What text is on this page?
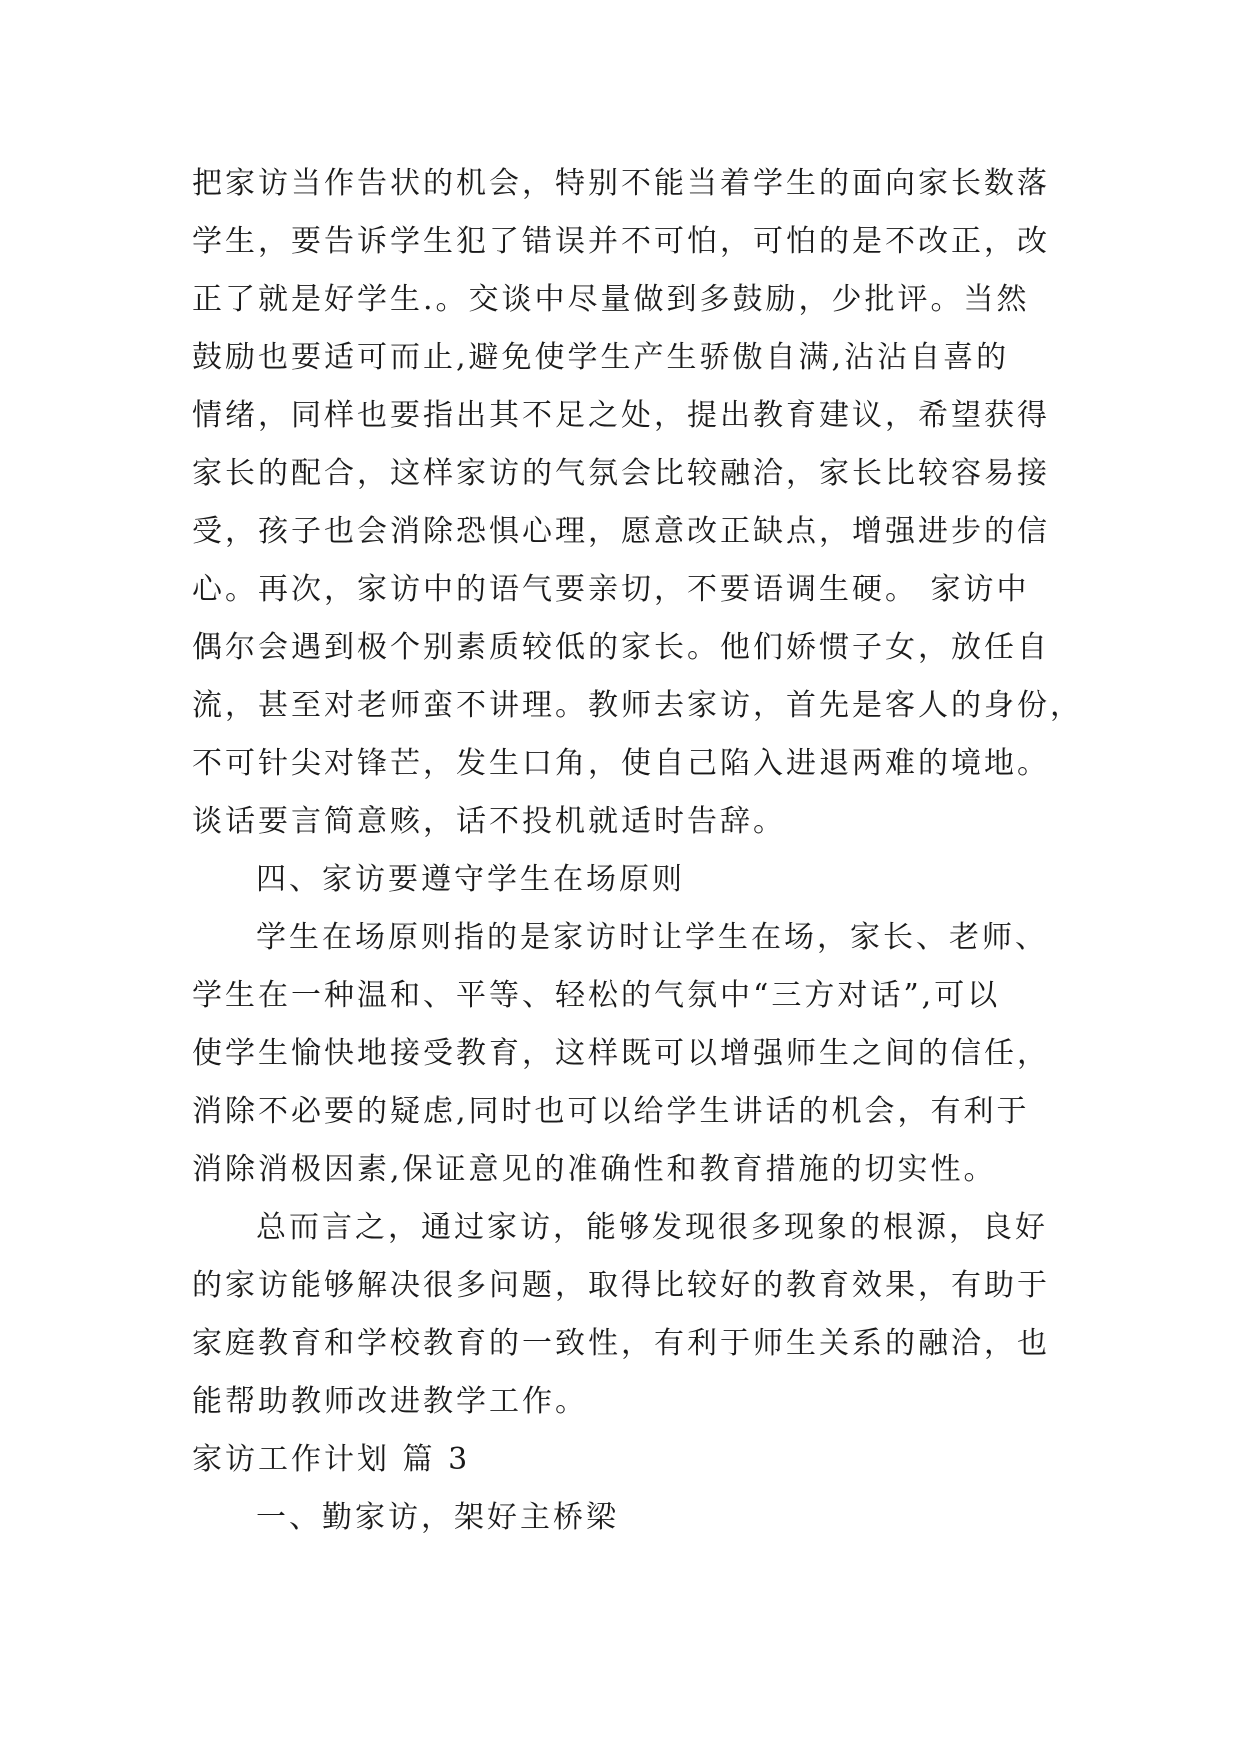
把家访当作告状的机会，特别不能当着学生的面向家长数落
学生，要告诉学生犯了错误并不可怕，可怕的是不改正，改
正了就是好学生.。交谈中尽量做到多鼓励，少批评。当然
鼓励也要适可而止,避免使学生产生骄傲自满,沾沾自喜的
情绪，同样也要指出其不足之处，提出教育建议，希望获得
家长的配合，这样家访的气氛会比较融洽，家长比较容易接
受，孩子也会消除恐惧心理，愿意改正缺点，增强进步的信
心。再次，家访中的语气要亲切，不要语调生硬。 家访中
偶尔会遇到极个别素质较低的家长。他们娇惯子女，放任自
流，甚至对老师蛮不讲理。教师去家访，首先是客人的身份，
不可针尖对锋芒，发生口角，使自己陷入进退两难的境地。
谈话要言简意赅，话不投机就适时告辞。
四、家访要遵守学生在场原则
学生在场原则指的是家访时让学生在场，家长、老师、
学生在一种温和、平等、轻松的气氛中“三方对话”,可以
使学生愉快地接受教育，这样既可以增强师生之间的信任，
消除不必要的疑虑,同时也可以给学生讲话的机会，有利于
消除消极因素,保证意见的准确性和教育措施的切实性。
总而言之，通过家访，能够发现很多现象的根源，良好
的家访能够解决很多问题，取得比较好的教育效果，有助于
家庭教育和学校教育的一致性，有利于师生关系的融洽，也
能帮助教师改进教学工作。
家访工作计划 篇 3
一、勤家访，架好主桥梁
